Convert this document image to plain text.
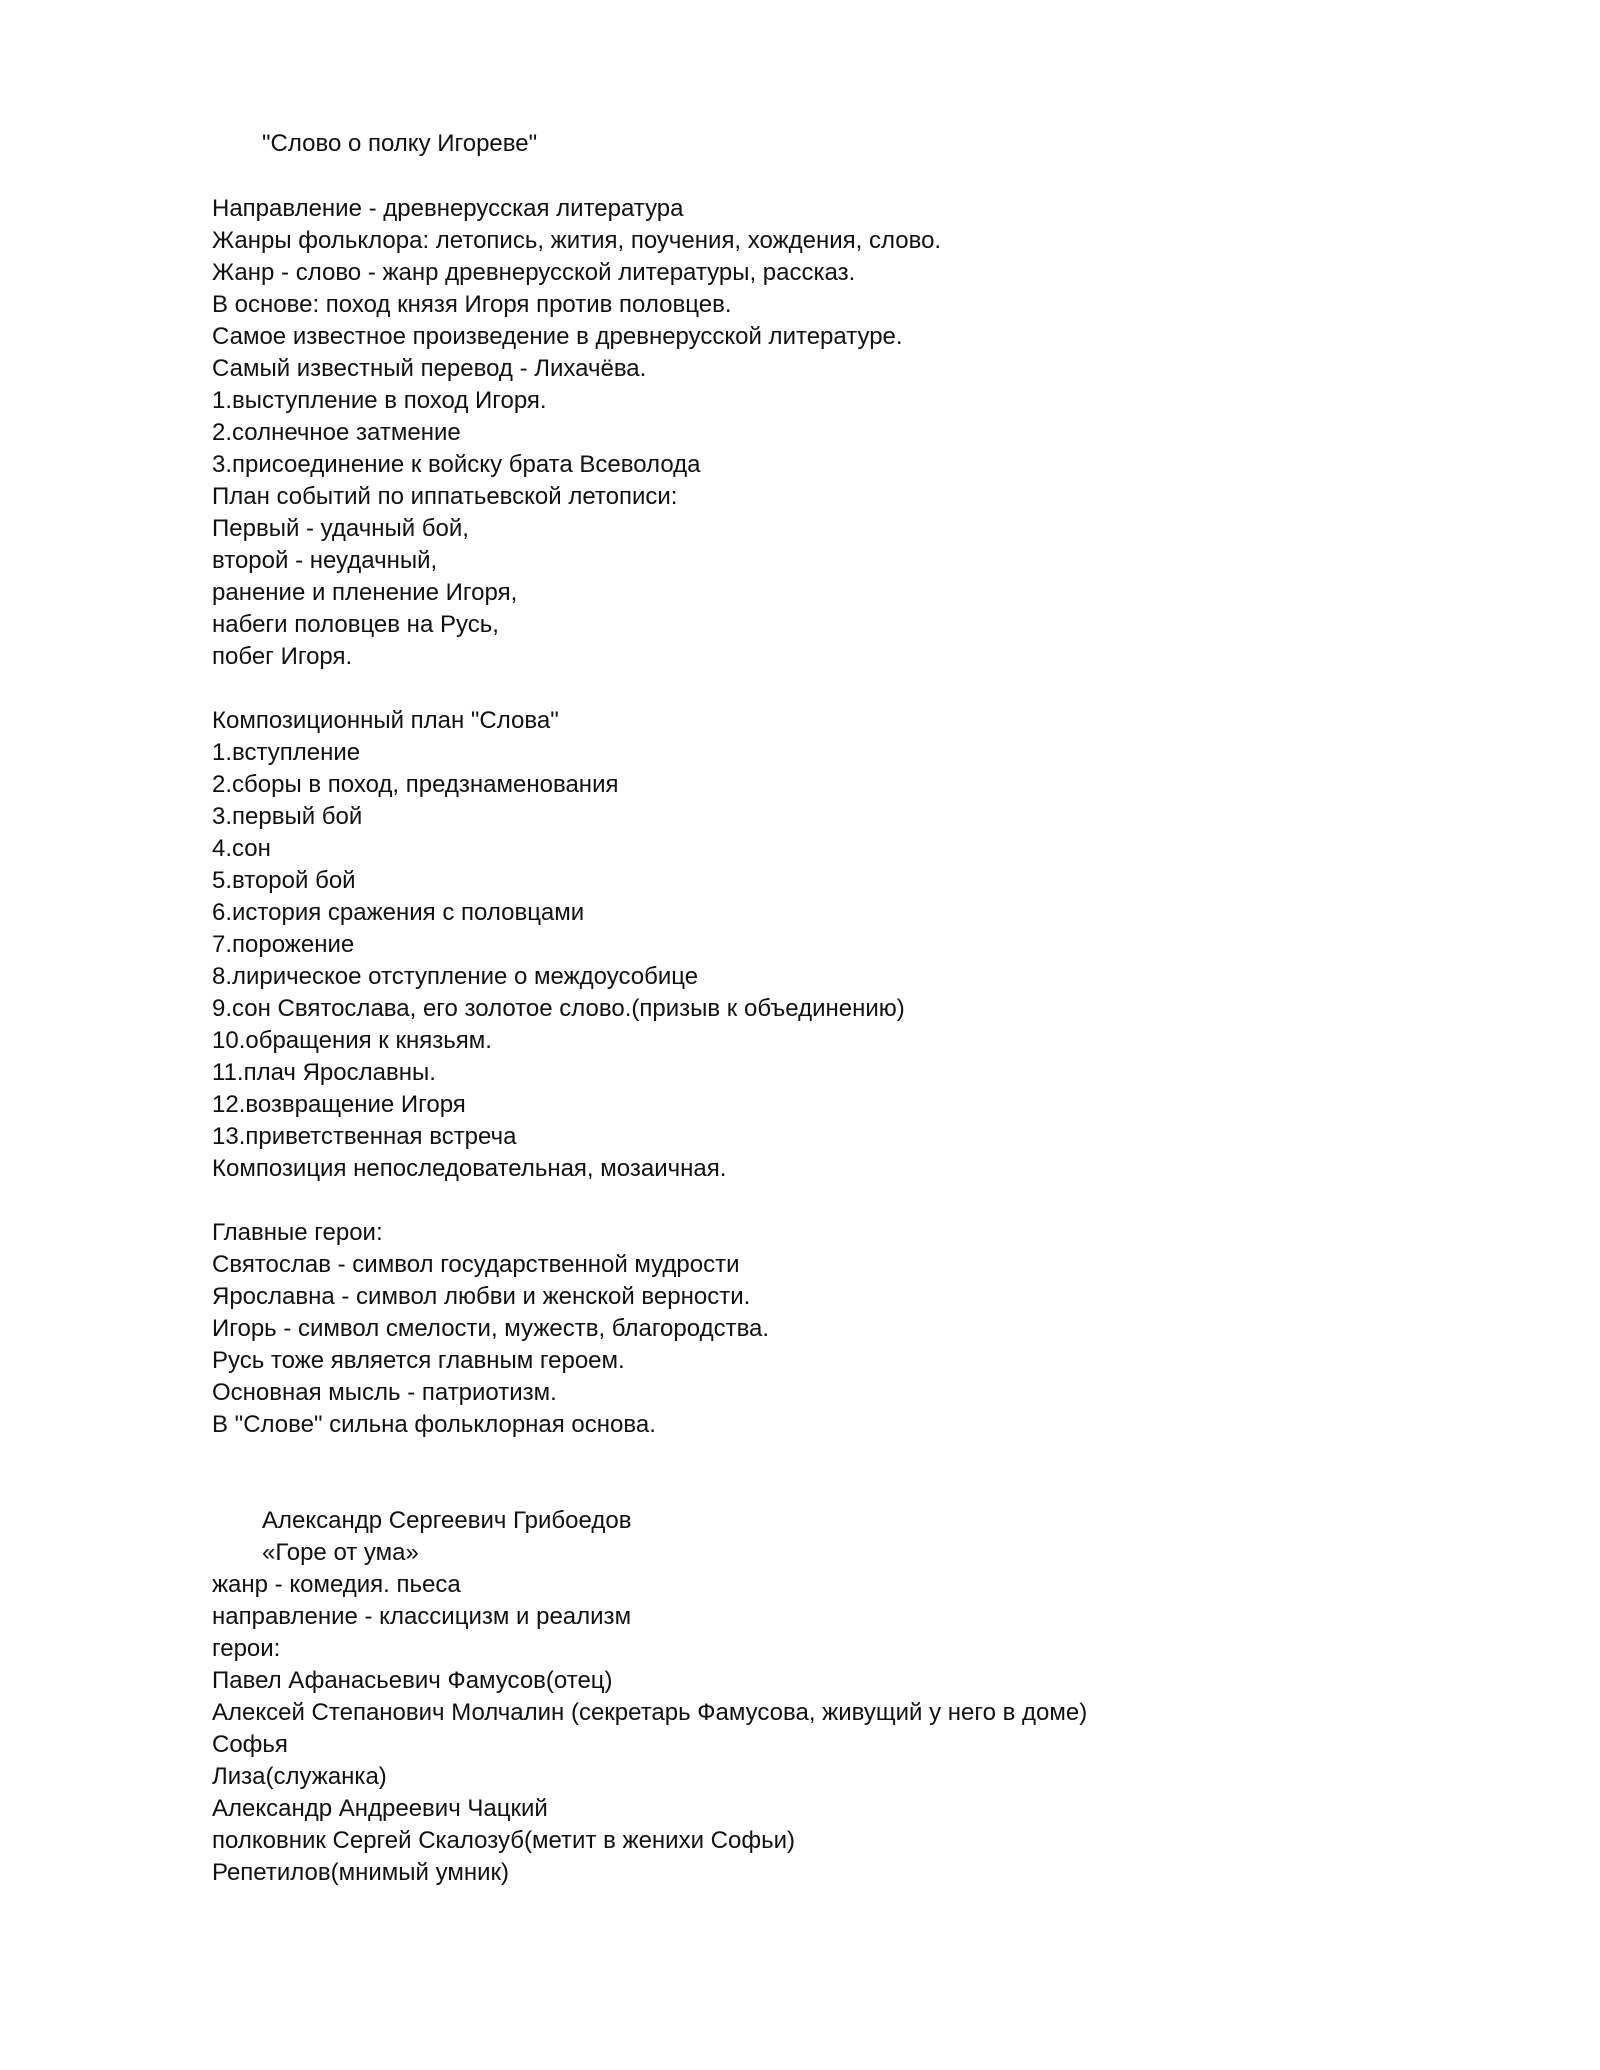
"Слово о полку Игореве"
Направление - древнерусская литература
Жанры фольклора: летопись, жития, поучения, хождения, слово.
Жанр - слово - жанр древнерусской литературы, рассказ.
В основе: поход князя Игоря против половцев.
Самое известное произведение в древнерусской литературе.
Самый известный перевод - Лихачёва.
1.выступление в поход Игоря.
2.солнечное затмение
3.присоединение к войску брата Всеволода
План событий по иппатьевской летописи:
Первый - удачный бой,
второй - неудачный,
ранение и пленение Игоря,
набеги половцев на Русь,
побег Игоря.
Композиционный план "Слова"
1.вступление
2.сборы в поход, предзнаменования
3.первый бой
4.сон
5.второй бой
6.история сражения с половцами
7.порожение
8.лирическое отступление о междоусобице
9.сон Святослава, его золотое слово.(призыв к объединению)
10.обращения к князьям.
11.плач Ярославны.
12.возвращение Игоря
13.приветственная встреча
Композиция непоследовательная, мозаичная.
Главные герои:
Святослав - символ государственной мудрости
Ярославна - символ любви и женской верности.
Игорь - символ смелости, мужеств, благородства.
Русь тоже является главным героем.
Основная мысль - патриотизм.
В "Слове" сильна фольклорная основа.
Александр Сергеевич Грибоедов
«Горе от ума»
жанр - комедия. пьеса
направление - классицизм и реализм
герои:
Павел Афанасьевич Фамусов(отец)
Алексей Степанович Молчалин (секретарь Фамусова, живущий у него в доме)
Софья
Лиза(служанка)
Александр Андреевич Чацкий
полковник Сергей Скалозуб(метит в женихи Софьи)
Репетилов(мнимый умник)
